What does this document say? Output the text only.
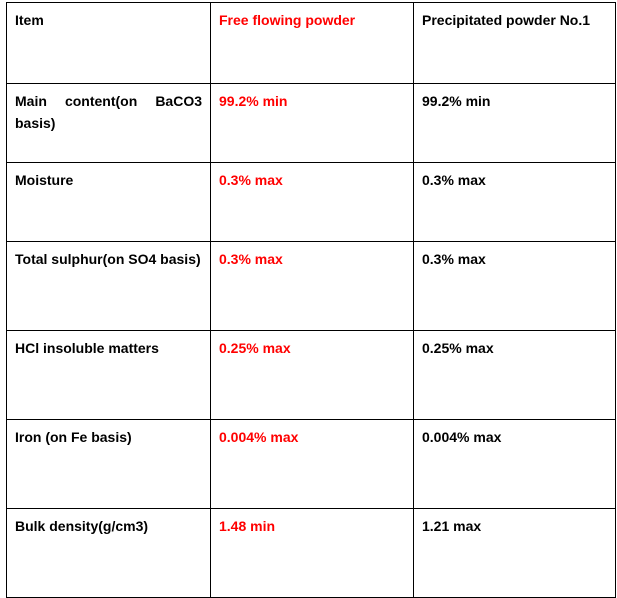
Item	Free flowing powder	Precipitated powder No.1
Main content(on BaCO3 basis)	99.2% min	99.2% min
Moisture	0.3% max	0.3% max
Total sulphur(on SO4 basis)	0.3% max	0.3% max
HCl insoluble matters	0.25% max	0.25% max
Iron (on Fe basis)	0.004% max	0.004% max
Bulk density(g/cm3)	1.48 min	1.21 max
